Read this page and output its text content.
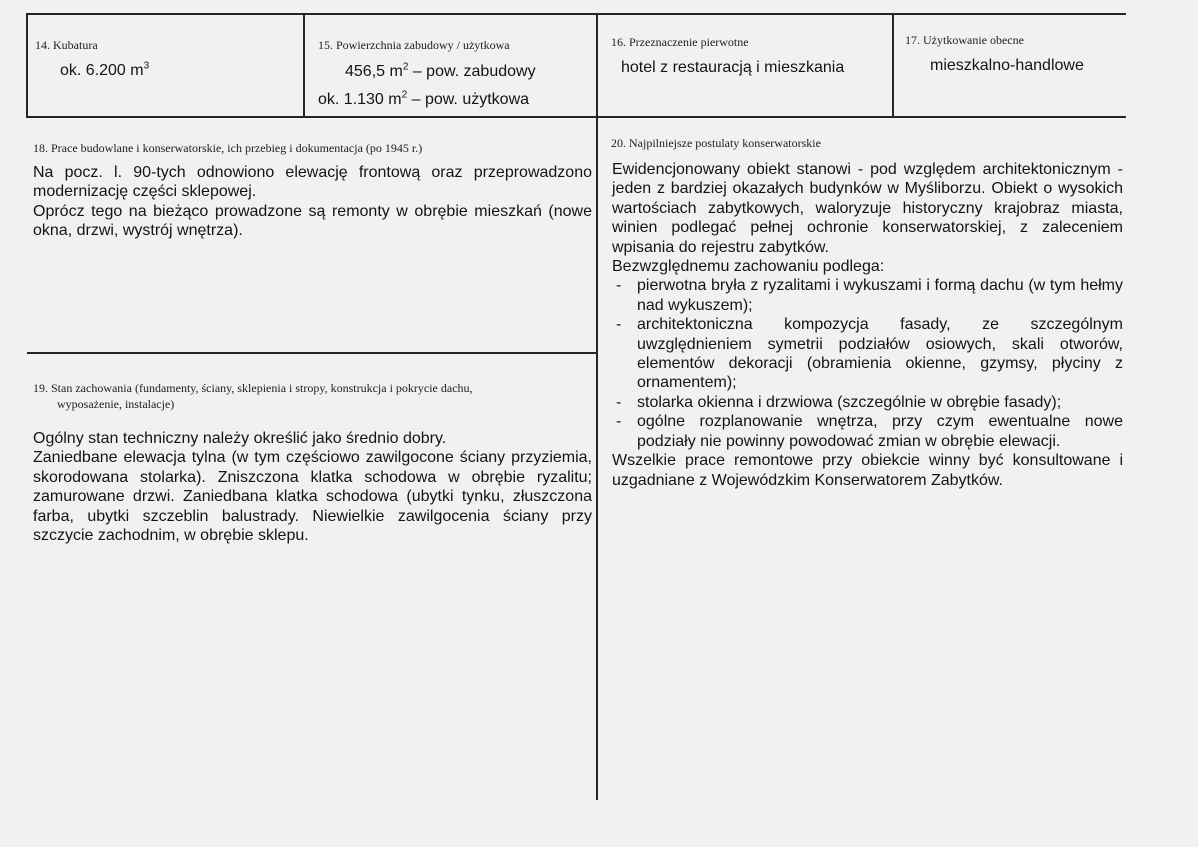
14. Kubatura
ok. 6.200 $m^3$
15. Powierzchnia zabudowy / użytkowa
456,5 $m^2$ – pow. zabudowy
ok. 1.130 $m^2$ – pow. użytkowa
16. Przeznaczenie pierwotne
hotel z restauracją i mieszkania
17. Użytkowanie obecne
mieszkalno-handlowe
18. Prace budowlane i konserwatorskie, ich przebieg i dokumentacja (po 1945 r.)

Na pocz. l. 90-tych odnowiono elewację frontową oraz przeprowadzono modernizację części sklepowej.

Oprócz tego na bieżąco prowadzone są remonty w obrębie mieszkań (nowe okna, drzwi, wystrój wnętrza).

19. Stan zachowania (fundamenty, ściany, sklepienia i stropy, konstrukcja i pokrycie dachu,
wyposażenie, instalacje)

Ogólny stan techniczny należy określić jako średnio dobry.

Zaniedbane elewacja tylna (w tym częściowo zawilgocone ściany przyziemia, skorodowana stolarka). Zniszczona klatka schodowa w obrębie ryzalitu; zamurowane drzwi. Zaniedbana klatka schodowa (ubytki tynku, złuszczona farba, ubytki szczeblin balustrady. Niewielkie zawilgocenia ściany przy szczycie zachodnim, w obrębie sklepu.

20. Najpilniejsze postulaty konserwatorskie

Ewidencjonowany obiekt stanowi - pod względem architektonicznym - jeden z bardziej okazałych budynków w Myśliborzu. Obiekt o wysokich wartościach zabytkowych, waloryzuje historyczny krajobraz miasta, winien podlegać pełnej ochronie konserwatorskiej, z zaleceniem wpisania do rejestru zabytków.

Bezwzględnemu zachowaniu podlega:

- pierwotna bryła z ryzalitami i wykuszami i formą dachu (w tym hełmy nad wykuszem);
- architektoniczna kompozycja fasady, ze szczególnym uwzględnieniem symetrii podziałów osiowych, skali otworów, elementów dekoracji (obramienia okienne, gzymsy, płyciny z ornamentem);
- stolarka okienna i drzwiowa (szczególnie w obrębie fasady);
- ogólne rozplanowanie wnętrza, przy czym ewentualne nowe podziały nie powinny powodować zmian w obrębie elewacji.

Wszelkie prace remontowe przy obiekcie winny być konsultowane i uzgadniane z Wojewódzkim Konserwatorem Zabytków.
